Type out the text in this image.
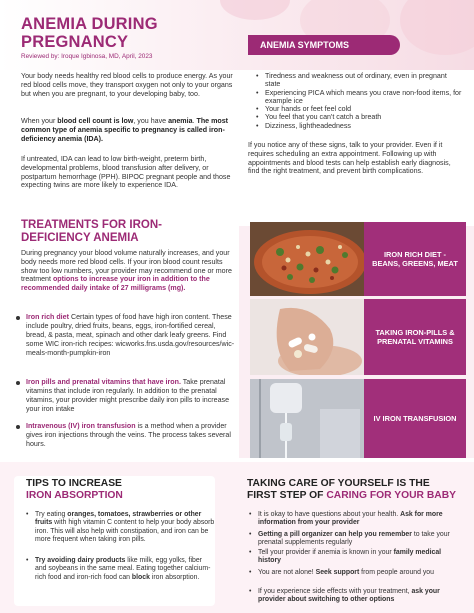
ANEMIA DURING
PREGNANCY
Reviewed by: Iroque Igbinosa, MD, April, 2023
Your body needs healthy red blood cells to produce energy. As your red blood cells move, they transport oxygen not only to your organs but when you are pregnant, to your developing baby, too.
When your blood cell count is low, you have anemia. The most common type of anemia specific to pregnancy is called iron-deficiency anemia (IDA).
If untreated, IDA can lead to low birth-weight, preterm birth, developmental problems, blood transfusion after delivery, or postpartum hemorrhage (PPH). BIPOC pregnant people and those expecting twins are more likely to experience IDA.
ANEMIA SYMPTOMS
• Tiredness and weakness out of ordinary, even in pregnant state
• Experiencing PICA which means you crave non-food items, for example ice
• Your hands or feet feel cold
• You feel that you can't catch a breath
• Dizziness, lightheadedness
If you notice any of these signs, talk to your provider. Even if it requires scheduling an extra appointment. Following up with appointments and blood tests can help establish early diagnosis, find the right treatment, and prevent birth complications.
TREATMENTS FOR IRON-DEFICIENCY ANEMIA
During pregnancy your blood volume naturally increases, and your body needs more red blood cells. If your iron blood count results show too low numbers, your provider may recommend one or more treatment options to increase your iron in addition to the recommended daily intake of 27 milligrams (mg).
Iron rich diet Certain types of food have high iron content. These include poultry, dried fruits, beans, eggs, iron-fortified cereal, bread, & pasta, meat, spinach and other dark leafy greens. Find some WIC iron-rich recipes: wicworks.fns.usda.gov/resources/wic-meals-month-pumpkin-iron
Iron pills and prenatal vitamins that have iron. Take prenatal vitamins that include iron regularly. In addition to the prenatal vitamins, your provider might prescribe daily iron pills to increase your iron intake
Intravenous (IV) iron transfusion is a method when a provider gives iron injections through the veins. The process takes several hours.
IRON RICH DIET - BEANS, GREENS, MEAT
TAKING IRON-PILLS & PRENATAL VITAMINS
IV IRON TRANSFUSION
TIPS TO INCREASE
IRON ABSORPTION
• Try eating oranges, tomatoes, strawberries or other fruits with high vitamin C content to help your body absorb iron. This will also help with constipation, and iron can be more frequent when taking iron pills.
• Try avoiding dairy products like milk, egg yolks, fiber and soybeans in the same meal. Eating together calcium-rich food and iron-rich food can block iron absorption.
TAKING CARE OF YOURSELF IS THE
FIRST STEP OF CARING FOR YOUR BABY
• It is okay to have questions about your health. Ask for more information from your provider
• Getting a pill organizer can help you remember to take your prenatal supplements regularly
• Tell your provider if anemia is known in your family medical history
• You are not alone! Seek support from people around you
• If you experience side effects with your treatment, ask your provider about switching to other options
